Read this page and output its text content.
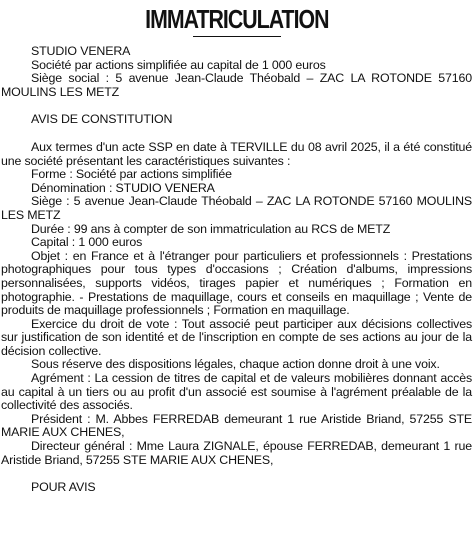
IMMATRICULATION

STUDIO VENERA

Société par actions simplifiée au capital de 1 000 euros

Siège social : 5 avenue Jean-Claude Théobald – ZAC LA ROTONDE 57160 MOULINS LES METZ

AVIS DE CONSTITUTION

Aux termes d'un acte SSP en date à TERVILLE du 08 avril 2025, il a été constitué une société présentant les caractéristiques suivantes :

Forme : Société par actions simplifiée

Dénomination : STUDIO VENERA

Siège : 5 avenue Jean-Claude Théobald – ZAC LA ROTONDE 57160 MOULINS LES METZ

Durée : 99 ans à compter de son immatriculation au RCS de METZ

Capital : 1 000 euros

Objet : en France et à l'étranger pour particuliers et professionnels : Prestations photographiques pour tous types d'occasions ; Création d'albums, impressions personnalisées, supports vidéos, tirages papier et numériques ; Formation en photographie. - Prestations de maquillage, cours et conseils en maquillage ; Vente de produits de maquillage professionnels ; Formation en maquillage.

Exercice du droit de vote : Tout associé peut participer aux décisions collectives sur justification de son identité et de l'inscription en compte de ses actions au jour de la décision collective.

Sous réserve des dispositions légales, chaque action donne droit à une voix.

Agrément : La cession de titres de capital et de valeurs mobilières donnant accès au capital à un tiers ou au profit d'un associé est soumise à l'agrément préalable de la collectivité des associés.

Président : M. Abbes FERREDAB demeurant 1 rue Aristide Briand, 57255 STE MARIE AUX CHENES,

Directeur général : Mme Laura ZIGNALE, épouse FERREDAB, demeurant 1 rue Aristide Briand, 57255 STE MARIE AUX CHENES,

POUR AVIS
